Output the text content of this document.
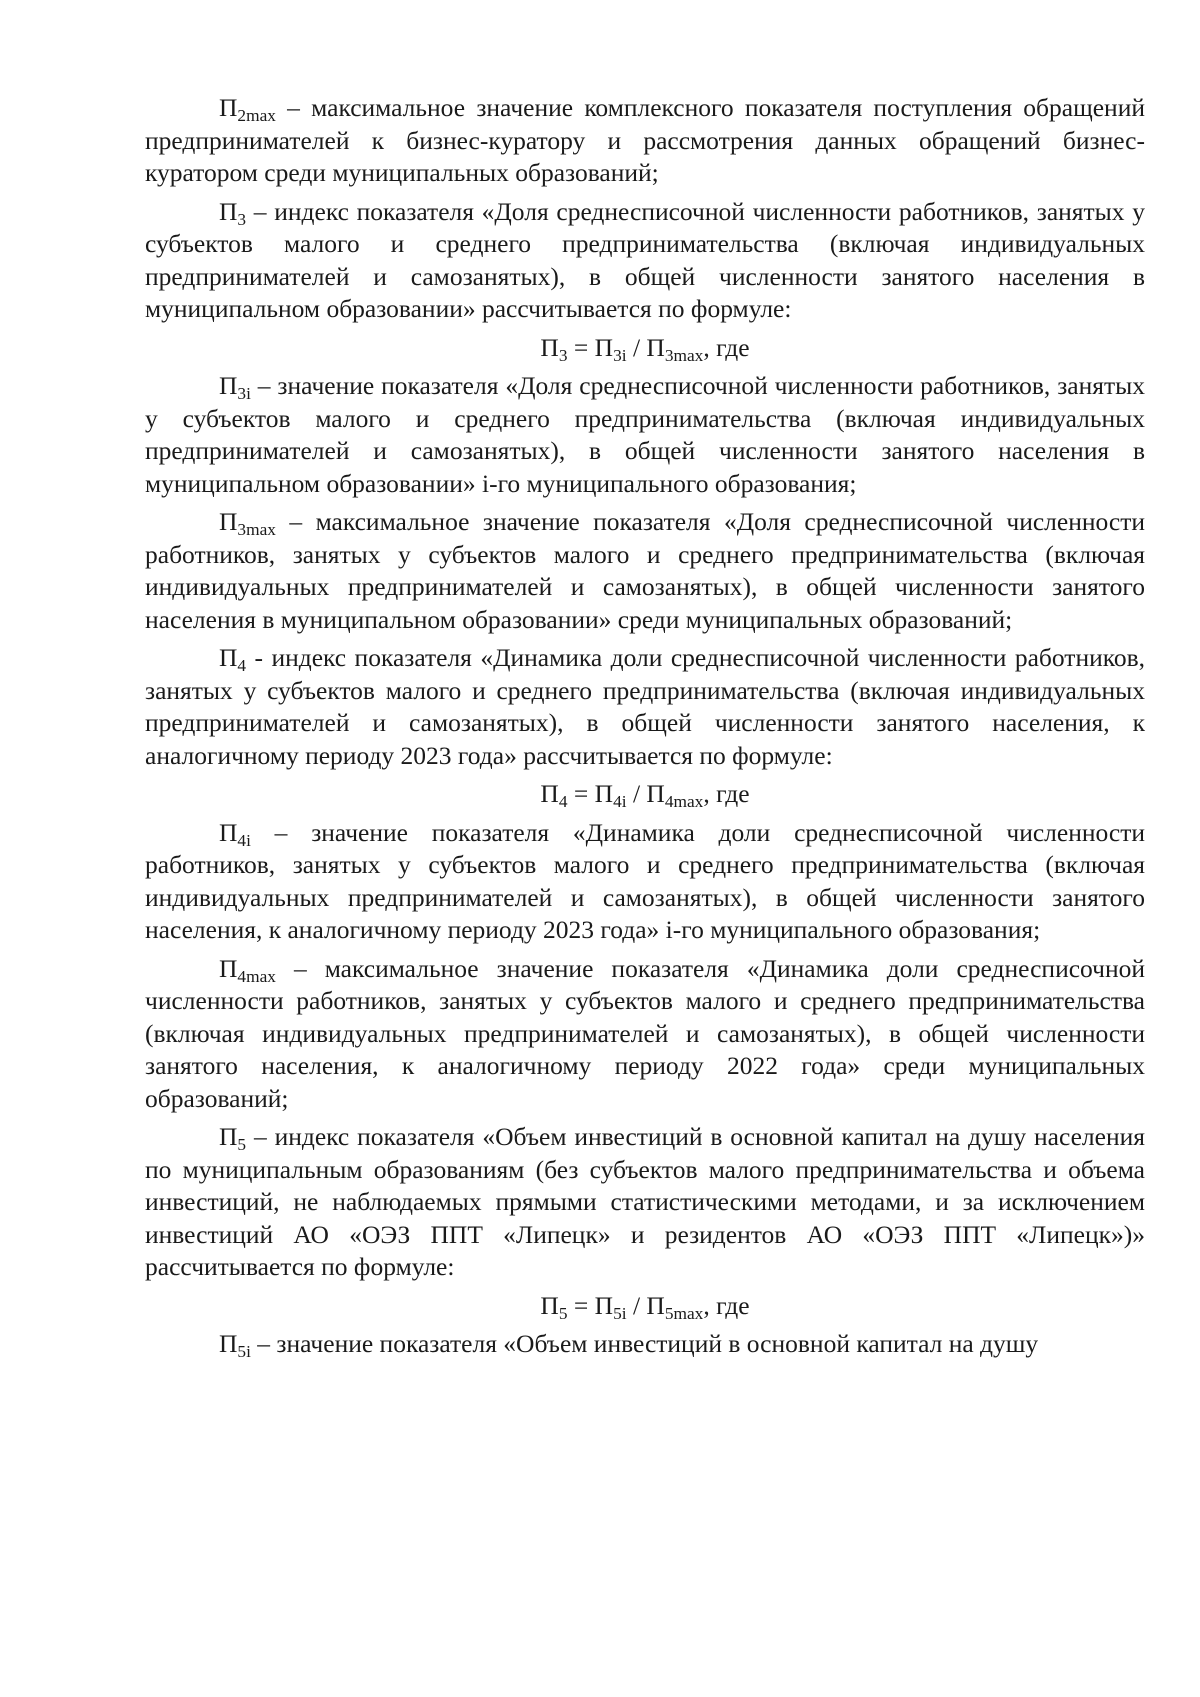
$П_{2max}$ – максимальное значение комплексного показателя поступления обращений предпринимателей к бизнес-куратору и рассмотрения данных обращений бизнес-куратором среди муниципальных образований;

$П_3$ – индекс показателя «Доля среднесписочной численности работников, занятых у субъектов малого и среднего предпринимательства (включая индивидуальных предпринимателей и самозанятых), в общей численности занятого населения в муниципальном образовании» рассчитывается по формуле:

$П_3 = П_{3i} / П_{3max}$, где

$П_{3i}$ – значение показателя «Доля среднесписочной численности работников, занятых у субъектов малого и среднего предпринимательства (включая индивидуальных предпринимателей и самозанятых), в общей численности занятого населения в муниципальном образовании» i-го муниципального образования;

$П_{3max}$ – максимальное значение показателя «Доля среднесписочной численности работников, занятых у субъектов малого и среднего предпринимательства (включая индивидуальных предпринимателей и самозанятых), в общей численности занятого населения в муниципальном образовании» среди муниципальных образований;

$П_4$ - индекс показателя «Динамика доли среднесписочной численности работников, занятых у субъектов малого и среднего предпринимательства (включая индивидуальных предпринимателей и самозанятых), в общей численности занятого населения, к аналогичному периоду 2023 года» рассчитывается по формуле:

$П_4 = П_{4i} / П_{4max}$, где

$П_{4i}$ – значение показателя «Динамика доли среднесписочной численности работников, занятых у субъектов малого и среднего предпринимательства (включая индивидуальных предпринимателей и самозанятых), в общей численности занятого населения, к аналогичному периоду 2023 года» i-го муниципального образования;

$П_{4max}$ – максимальное значение показателя «Динамика доли среднесписочной численности работников, занятых у субъектов малого и среднего предпринимательства (включая индивидуальных предпринимателей и самозанятых), в общей численности занятого населения, к аналогичному периоду 2022 года» среди муниципальных образований;

$П_5$ – индекс показателя «Объем инвестиций в основной капитал на душу населения по муниципальным образованиям (без субъектов малого предпринимательства и объема инвестиций, не наблюдаемых прямыми статистическими методами, и за исключением инвестиций АО «ОЭЗ ППТ «Липецк» и резидентов АО «ОЭЗ ППТ «Липецк»)» рассчитывается по формуле:

$П_5 = П_{5i} / П_{5max}$, где

$П_{5i}$ – значение показателя «Объем инвестиций в основной капитал на душу
